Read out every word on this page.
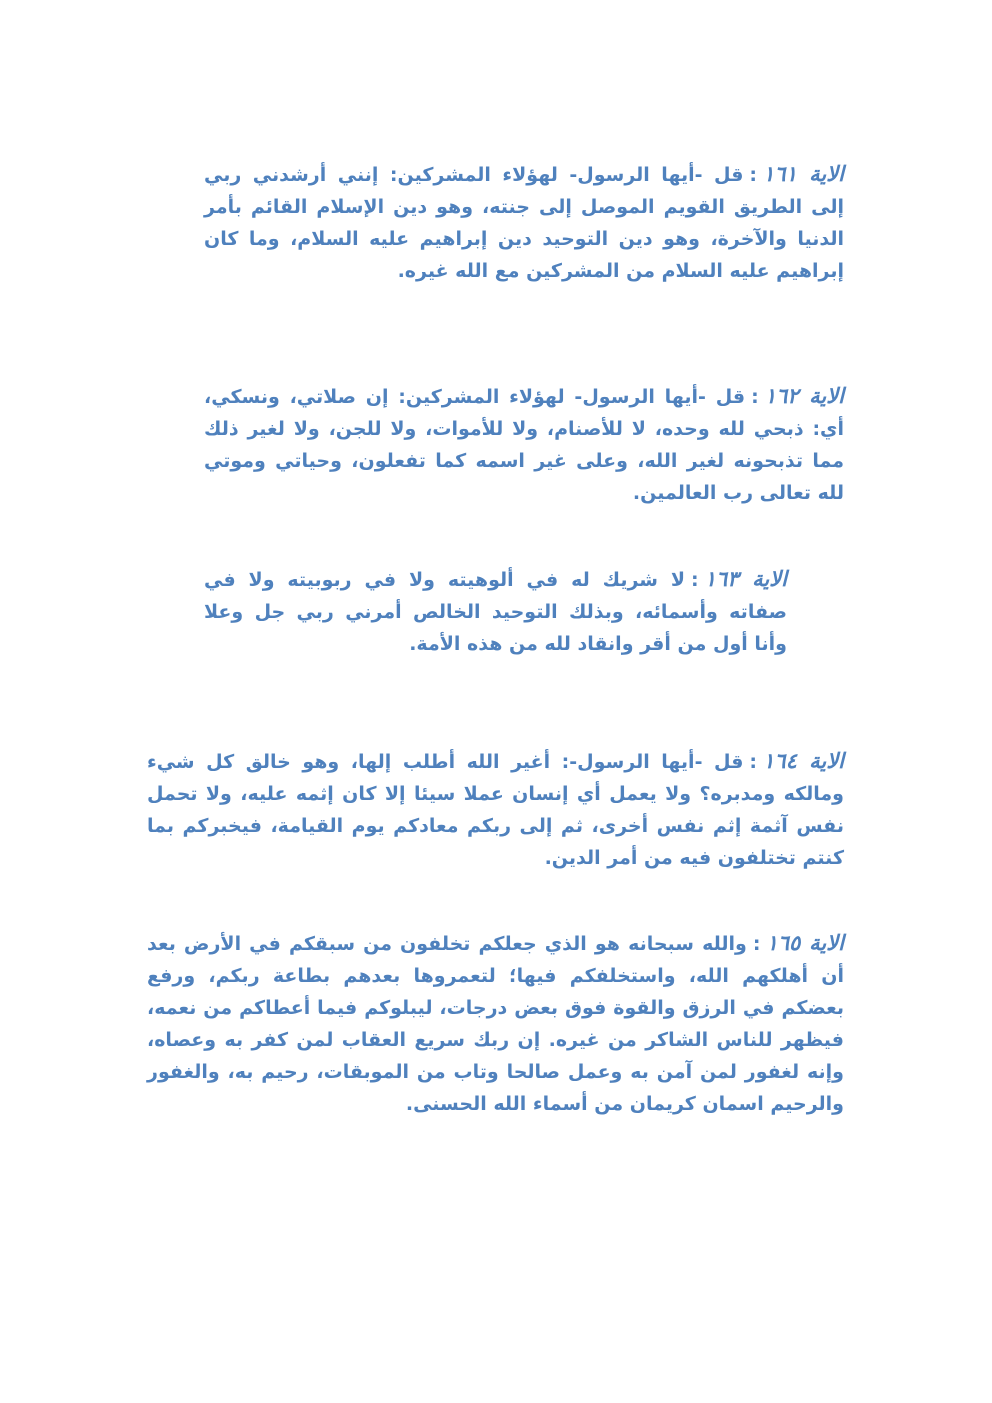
الاية ١٦١:قل -أيها الرسول- لهؤلاء المشركين: إنني أرشدني ربي إلى الطريق القويم الموصل إلى جنته، وهو دين الإسلام القائم بأمر الدنيا والآخرة، وهو دين التوحيد دين إبراهيم عليه السلام، وما كان إبراهيم عليه السلام من المشركين مع الله غيره.

الاية ١٦٢:قل -أيها الرسول- لهؤلاء المشركين: إن صلاتي، ونسكي، أي: ذبحي لله وحده، لا للأصنام، ولا للأموات، ولا للجن، ولا لغير ذلك مما تذبحونه لغير الله، وعلى غير اسمه كما تفعلون، وحياتي وموتي لله تعالى رب العالمين.

الاية ١٦٣:لا شريك له في ألوهيته ولا في ربوبيته ولا في صفاته وأسمائه، وبذلك التوحيد الخالص أمرني ربي جل وعلا وأنا أول من أقر وانقاد لله من هذه الأمة.

الاية ١٦٤:قل -أيها الرسول-: أغير الله أطلب إلها، وهو خالق كل شيء ومالكه ومدبره؟ ولا يعمل أي إنسان عملا سيئا إلا كان إثمه عليه، ولا تحمل نفس آثمة إثم نفس أخرى، ثم إلى ربكم معادكم يوم القيامة، فيخبركم بما كنتم تختلفون فيه من أمر الدين.

الاية ١٦٥:والله سبحانه هو الذي جعلكم تخلفون من سبقكم في الأرض بعد أن أهلكهم الله، واستخلفكم فيها؛ لتعمروها بعدهم بطاعة ربكم، ورفع بعضكم في الرزق والقوة فوق بعض درجات، ليبلوكم فيما أعطاكم من نعمه، فيظهر للناس الشاكر من غيره. إن ربك سريع العقاب لمن كفر به وعصاه، وإنه لغفور لمن آمن به وعمل صالحا وتاب من الموبقات، رحيم به، والغفور والرحيم اسمان كريمان من أسماء الله الحسنى.
